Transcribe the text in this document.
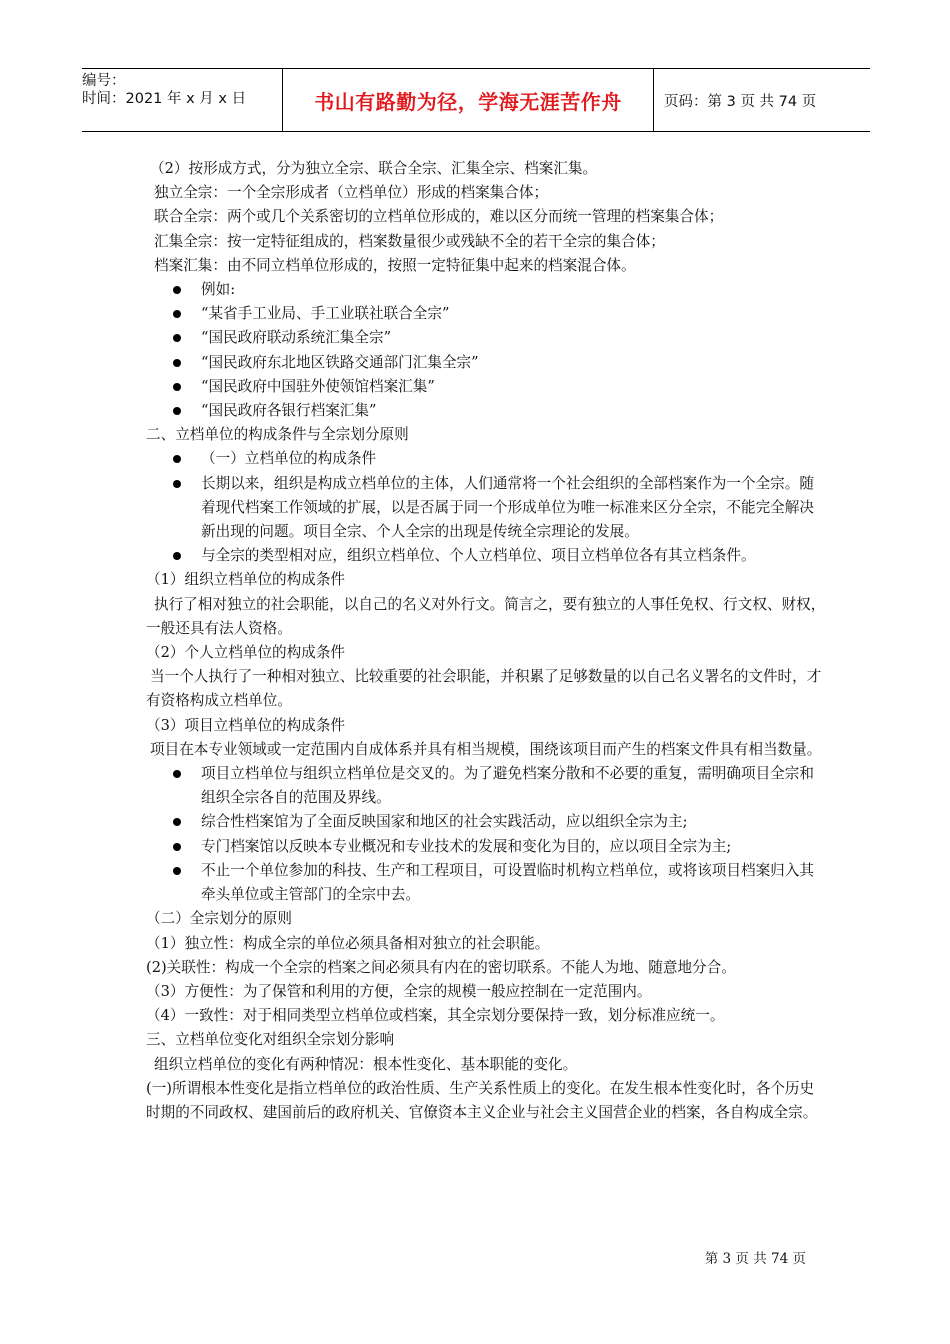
编号：
时间：2021 年 x 月 x 日	书山有路勤为径，学海无涯苦作舟	页码：第 3 页 共 74 页
（2）按形成方式，分为独立全宗、联合全宗、汇集全宗、档案汇集。
独立全宗：一个全宗形成者（立档单位）形成的档案集合体；
联合全宗：两个或几个关系密切的立档单位形成的，难以区分而统一管理的档案集合体；
汇集全宗：按一定特征组成的，档案数量很少或残缺不全的若干全宗的集合体；
档案汇集：由不同立档单位形成的，按照一定特征集中起来的档案混合体。
例如:
“某省手工业局、手工业联社联合全宗”
“国民政府联动系统汇集全宗”
“国民政府东北地区铁路交通部门汇集全宗”
“国民政府中国驻外使领馆档案汇集”
“国民政府各银行档案汇集”
二、立档单位的构成条件与全宗划分原则
（一）立档单位的构成条件
长期以来，组织是构成立档单位的主体，人们通常将一个社会组织的全部档案作为一个全宗。随着现代档案工作领域的扩展，以是否属于同一个形成单位为唯一标准来区分全宗，不能完全解决新出现的问题。项目全宗、个人全宗的出现是传统全宗理论的发展。
与全宗的类型相对应，组织立档单位、个人立档单位、项目立档单位各有其立档条件。
（1）组织立档单位的构成条件
执行了相对独立的社会职能，以自己的名义对外行文。简言之，要有独立的人事任免权、行文权、财权，一般还具有法人资格。
（2）个人立档单位的构成条件
当一个人执行了一种相对独立、比较重要的社会职能，并积累了足够数量的以自己名义署名的文件时，才有资格构成立档单位。
（3）项目立档单位的构成条件
项目在本专业领域或一定范围内自成体系并具有相当规模，围绕该项目而产生的档案文件具有相当数量。
项目立档单位与组织立档单位是交叉的。为了避免档案分散和不必要的重复，需明确项目全宗和组织全宗各自的范围及界线。
综合性档案馆为了全面反映国家和地区的社会实践活动，应以组织全宗为主;
专门档案馆以反映本专业概况和专业技术的发展和变化为目的，应以项目全宗为主;
不止一个单位参加的科技、生产和工程项目，可设置临时机构立档单位，或将该项目档案归入其牵头单位或主管部门的全宗中去。
（二）全宗划分的原则
（1）独立性：构成全宗的单位必须具备相对独立的社会职能。
(2)关联性：构成一个全宗的档案之间必须具有内在的密切联系。不能人为地、随意地分合。
（3）方便性：为了保管和利用的方便，全宗的规模一般应控制在一定范围内。
（4）一致性：对于相同类型立档单位或档案，其全宗划分要保持一致，划分标准应统一。
三、立档单位变化对组织全宗划分影响
组织立档单位的变化有两种情况：根本性变化、基本职能的变化。
(一)所谓根本性变化是指立档单位的政治性质、生产关系性质上的变化。在发生根本性变化时，各个历史时期的不同政权、建国前后的政府机关、官僚资本主义企业与社会主义国营企业的档案，各自构成全宗。
第 3 页 共 74 页
